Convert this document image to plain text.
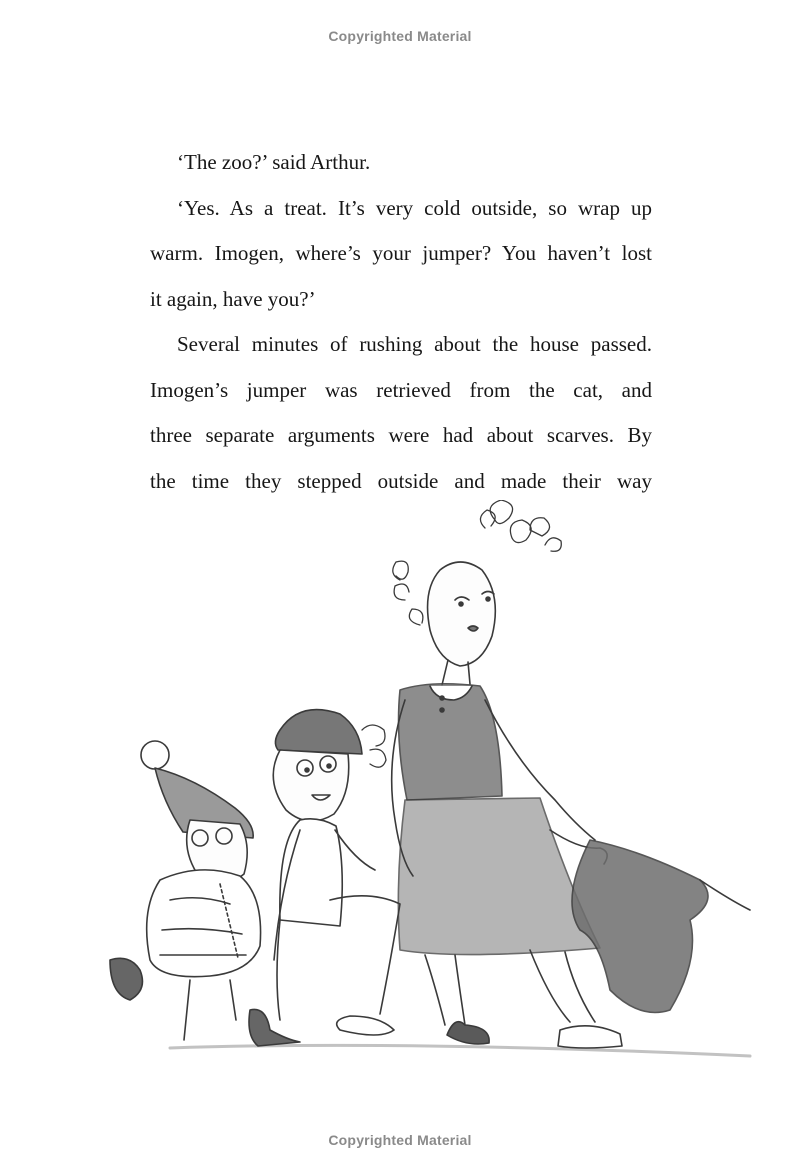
Copyrighted Material

‘The zoo?’ said Arthur.

‘Yes. As a treat. It’s very cold outside, so wrap up

warm. Imogen, where’s your jumper? You haven’t lost

it again, have you?’

Several minutes of rushing about the house passed.

Imogen’s jumper was retrieved from the cat, and

three separate arguments were had about scarves. By

the time they stepped outside and made their way

Copyrighted Material
